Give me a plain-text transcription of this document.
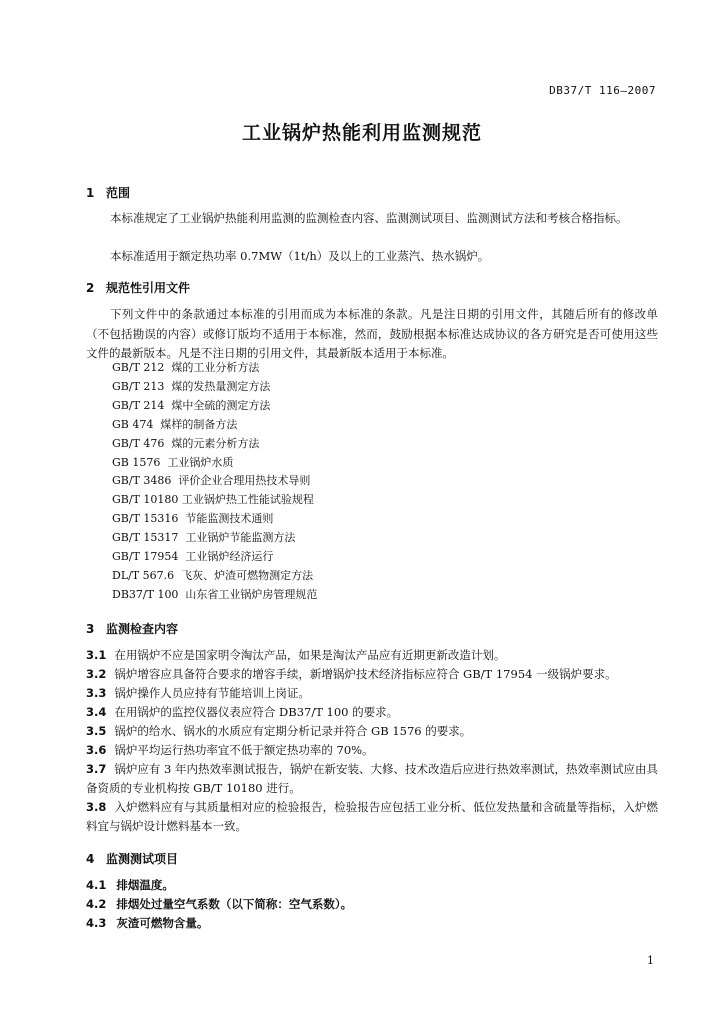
DB37/T 116—2007
工业锅炉热能利用监测规范
1 范围
本标准规定了工业锅炉热能利用监测的监测检查内容、监测测试项目、监测测试方法和考核合格指标。
本标准适用于额定热功率 0.7MW（1t/h）及以上的工业蒸汽、热水锅炉。
2 规范性引用文件
下列文件中的条款通过本标准的引用而成为本标准的条款。凡是注日期的引用文件，其随后所有的修改单（不包括勘误的内容）或修订版均不适用于本标准，然而，鼓励根据本标准达成协议的各方研究是否可使用这些文件的最新版本。凡是不注日期的引用文件，其最新版本适用于本标准。
GB/T 212  煤的工业分析方法
GB/T 213  煤的发热量测定方法
GB/T 214  煤中全硫的测定方法
GB 474  煤样的制备方法
GB/T 476  煤的元素分析方法
GB 1576  工业锅炉水质
GB/T 3486  评价企业合理用热技术导则
GB/T 10180 工业锅炉热工性能试验规程
GB/T 15316  节能监测技术通则
GB/T 15317  工业锅炉节能监测方法
GB/T 17954  工业锅炉经济运行
DL/T 567.6  飞灰、炉渣可燃物测定方法
DB37/T 100  山东省工业锅炉房管理规范
3 监测检查内容
3.1 在用锅炉不应是国家明令淘汰产品，如果是淘汰产品应有近期更新改造计划。
3.2 锅炉增容应具备符合要求的增容手续，新增锅炉技术经济指标应符合 GB/T 17954 一级锅炉要求。
3.3 锅炉操作人员应持有节能培训上岗证。
3.4 在用锅炉的监控仪器仪表应符合 DB37/T 100 的要求。
3.5 锅炉的给水、锅水的水质应有定期分析记录并符合 GB 1576 的要求。
3.6 锅炉平均运行热功率宜不低于额定热功率的 70%。
3.7 锅炉应有 3 年内热效率测试报告，锅炉在新安装、大修、技术改造后应进行热效率测试，热效率测试应由具备资质的专业机构按 GB/T 10180 进行。
3.8 入炉燃料应有与其质量相对应的检验报告，检验报告应包括工业分析、低位发热量和含硫量等指标，入炉燃料宜与锅炉设计燃料基本一致。
4 监测测试项目
4.1 排烟温度。
4.2 排烟处过量空气系数（以下简称：空气系数）。
4.3 灰渣可燃物含量。
1
